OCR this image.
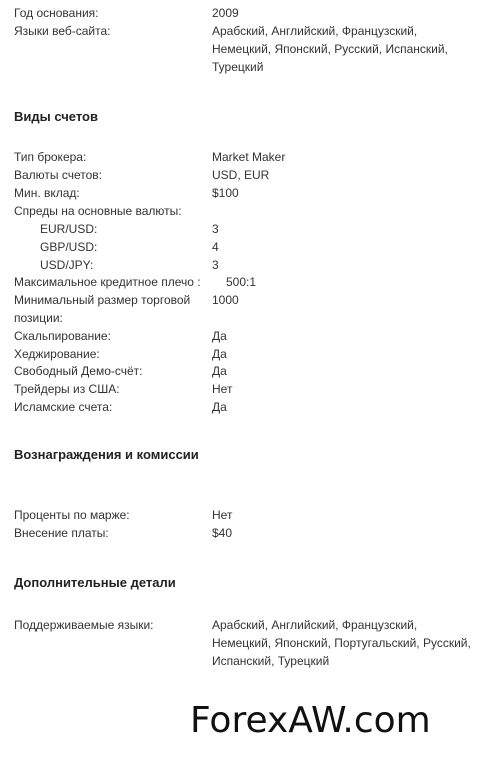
Год основания:	2009
Языки веб-сайта:	Арабский, Английский, Французский,
Немецкий, Японский, Русский, Испанский,
Турецкий
Виды счетов
Тип брокера:	Market Maker
Валюты счетов:	USD, EUR
Мин. вклад:	$100
Спреды на основные валюты:
EUR/USD:	3
GBP/USD:	4
USD/JPY:	3
Максимальное кредитное плечо : 500:1
Минимальный размер торговой 1000
позиции:
Скальпирование:	Да
Хеджирование:	Да
Свободный Демо-счёт:	Да
Трейдеры из США:	Нет
Исламские счета:	Да
Вознаграждения и комиссии
Проценты по марже:	Нет
Внесение платы:	$40
Дополнительные детали
Поддерживаемые языки:	Арабский, Английский, Французский,
Немецкий, Японский, Португальский, Русский,
Испанский, Турецкий
ForexAW.com
